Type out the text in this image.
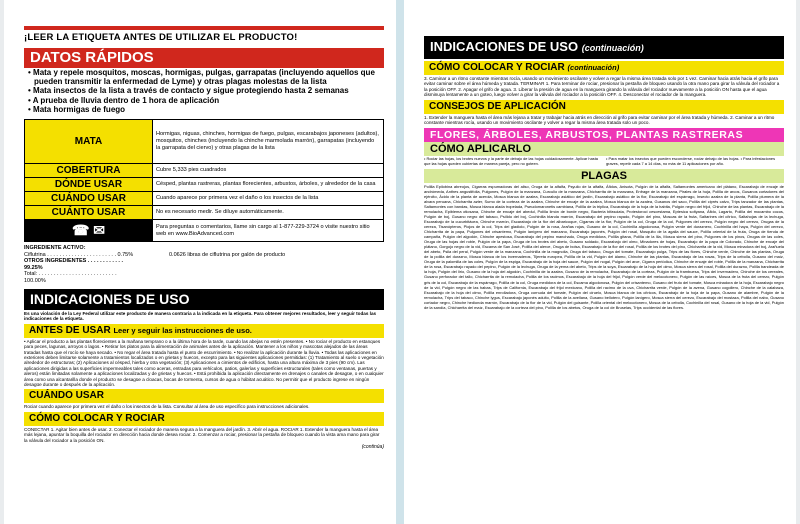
¡LEER LA ETIQUETA ANTES DE UTILIZAR EL PRODUCTO!
DATOS RÁPIDOS
• Mata y repele mosquitos, moscas, hormigas, pulgas, garrapatas (incluyendo aquellos que pueden transmitir la enfermedad de Lyme) y otras plagas molestas de la lista
• Mata insectos de la lista a través de contacto y sigue protegiendo hasta 2 semanas
• A prueba de lluvia dentro de 1 hora de aplicación
• Mata hormigas de fuego
MATA	Hormigas, niguas, chinches, hormigas de fuego, pulgas, escarabajos japoneses (adultos), mosquitos, chinches (incluyendo la chinche marmolada marrón), garrapatas (incluyendo la garrapata del ciervo) y otras plagas de la lista
COBERTURA	Cubre 5,333 pies cuadrados
DÓNDE USAR	Césped, plantas rastreras, plantas florecientes, arbustos, árboles, y alrededor de la casa
CUÁNDO USAR	Cuando aparece por primera vez el daño o los insectos de la lista
CUÁNTO USAR	No es necesario medir. Se diluye automáticamente.
☎ ✉	Para preguntas o comentarios, llame sin cargo al 1-877-229-3724 o visite nuestro sitio web en www.BioAdvanced.com
INGREDIENTE ACTIVO:
Ciflutrina . . . . . . . . . . . . . . . . . . . . . . . 0.75%
OTROS INGREDIENTES . . . . . . . . . . . . 99.25%
Total: . . . . . . . . . . . . . . . . . . . . . . . . . . 100.00%
0.0626 libras de ciflutrina por galón de producto
INDICACIONES DE USO
Es una violación de la Ley Federal utilizar este producto de manera contraria a la indicada en la etiqueta. Para obtener mejores resultados, leer y seguir todas las indicaciones de la etiqueta.
ANTES DE USAR Leer y seguir las instrucciones de uso.
• Aplicar el producto a las plantas florecientes a la mañana temprano o a la última hora de la tarde, cuando las abejas no estén presentes. • No rociar el producto en estanques para peces, lagunas, arroyos o lagos. • Retirar los platos para la alimentación de animales antes de la aplicación. Mantener a los niños y mascotas alejados de las áreas tratadas hasta que el rocío se haya secado. • No regar el área tratada hasta el punto de escurrimiento. • No realizar la aplicación durante la lluvia. • Todas las aplicaciones en exteriores deben limitarse solamente a tratamientos localizados o en grietas y huecos, excepto para las siguientes aplicaciones permitidas: (1) Tratamiento al suelo o vegetación alrededor de estructuras; (2) Aplicaciones al césped, hierba y otra vegetación; (3) Aplicaciones a cimientos de edificios, hasta una altura máxima de 3 pies (90 cm). Las aplicaciones dirigidas a las superficies impermeables tales como aceras, entradas para vehículos, patios, galerías y superficies estructurales (tales como ventanas, puertas y aleros) están limitadas solamente a aplicaciones localizadas y de grietas y huecos. • Está prohibida la aplicación directamente en drenajes o canales de desagüe, o en cualquier área como una alcantarilla donde el producto se desagüe a cloacas, bocas de tormenta, cursos de agua o hábitat acuático. No permitir que el producto ingrese en ningún desagüe durante o después de la aplicación.
CUÁNDO USAR
Rociar cuando aparece por primera vez el daño o los insectos de la lista. Consultar al área de uso específico para instrucciones adicionales.
CÓMO COLOCAR Y ROCIAR
CONECTAR 1. Agitar bien antes de usar. 2. Conectar el rociador de manera segura a la manguera del jardín. 3. Abrir el agua. ROCIAR 1. Extender la manguera hasta el área más lejana, apuntar la boquilla del rociador en dirección hacia donde desea rociar. 2. Comenzar a rociar, presionar la pestaña de bloqueo cuando la vista ama mano para girar la válvula del rociador a la posición ON.
(continúa)
INDICACIONES DE USO (continuación)
CÓMO COLOCAR Y ROCIAR (continuación)
3. Caminar a un ritmo constante mientras rocía, usando un movimiento oscilante y volver a regar la misma área tratada solo por 1 vez. Caminar hacia atrás hacia el grifo para evitar caminar sobre el área húmeda y tratada. TERMINAR 1. Para terminar de rociar, presionar la pestaña de bloqueo usando la otra mano para girar la válvula del rociador a la posición OFF. 2. Apagar el grifo de agua. 3. Liberar la presión de agua en la manguera girando la válvula del rociador nuevamente a la posición ON hasta que el agua disminuya lentamente a un goteo, luego volver a girar la válvula del rociador a la posición OFF. 4. Desconectar el rociador de la manguera.
CONSEJOS DE APLICACIÓN
1. Extender la manguera hasta el área más lejana a tratar y trabajar hacia atrás en dirección al grifo para evitar caminar por el área tratada y húmeda. 2. Caminar a un ritmo constante mientras rocía, usando un movimiento oscilante y volver a regar la misma área tratada solo un poco.
FLORES, ÁRBOLES, ARBUSTOS, PLANTAS RASTRERAS
CÓMO APLICARLO
• Rociar las hojas, los brotes nuevos y la parte de debajo de las hojas cuidadosamente. Aplicar hasta que las hojas queden cubiertas de manera pareja, pero no goteen.
• Para matar los insectos que pueden esconderse, rociar debajo de las hojas. • Para infestaciones graves, repetir cada 7 a 14 días, no más de 11 aplicaciones por año.
PLAGAS
Polilla Epilobina abreojos, Cigarras espumadoras del aliso, Oruga de la alfalfa, Psyuilo de la alfalfa, Áfidos, Anisota, Pulgón de la alfalfa, Saltamontes americano del plátano, Escarabajo de encaje de andrómeda, Anthes angustifolia, Pulgones, Pulgón de la manzana, Curculio de la manzana, Chicharrita de la manzana, Enfrage de la manzana, Pirales de la hoja, Polilla de arcos, Gusanos cortadores del ejército, Ácido de la planta de acerola, Mosca blanca de azalea, Escarabajo asiático del jardín, Escarabajo asiático de la flor, Escarabajo del espárrago, Insecto azalea de la planta, Polilla plumera de la alvara peruana, Chicharrita azter, Sumo de la corteza de la azalea, Chinche de encaje de la azalea, Mosca blanca de la azalea, Gusanos del saco, Polilla del ciprés calvo, Trips tanzador de las plantas, Saltamontes con bandas, Mosca blanca alada tropelada, Pseudomaronetis cambiana, Polilla de la triplica, Escarabajo de la hoja de la habita, Pulgón negro del frijol, Chinche de las plantas, Escarabajo de la remolacha, Epiblema otiosana, Chinche de encaje del abedul, Polilla limón de borde negro, Bacteria bifasciata, Protestoroci cescestama, Eptesica soltyana, Áfido, Lagarto, Polilla del mocambo cocos, Pulgón de boj, Gusano negro del tabaco, Psílido del boj, Cochinilla blanda marrón, Escarabajo del pepino rayado, Pulgón del pino, Moscas de la fruta, Saltarines del cítrico, Saltahojas de la lechuga, Escarabajo de la cucurbitácea, Chinche marrón, Escarabajo de la flor del albaricoque, Cigarras de la flor, Pulgón de la col, Oruga de la col, Pulgones del cerezo, Pulgón negro del cerezo, Orugas de la cereza, Tisanópteros, Piojos de la col, Trips del gladiolo, Pulgón de la rosa, Arañas rojas, Gusano de la col, Cochinilla algodonosa, Pulgón verde del duraznero, Cochinilla del haya, Pulgón del cerezo, Chicharrita de la papa, Pulgones del crisantemo, Pulgón lanígero del manzano, Escarabajo japonés, Pulgón del rosal, Mosquito de la agalla del sauce, Polilla oriental de la fruta, Oruga de tienda de campaña, Pulgón del algodón, Chinche apestosa, Escarabajo del pepino manchado, Oruga medidora, Polilla gitana, Polilla de la lila, Mosca sierra del pino, Pulgones de los pinos, Orugas de las coles, Oruga de las hojas del roble, Pulgón de la papa, Oruga de los brotes del abeto, Gusano soldado, Escarabajo del olmo, Minadores de hojas, Escarabajo de la papa de Colorado, Chinche de encaje del plátano, Gorgojo negro de la vid, Escama de San José, Polilla del alerce, Oruga de bolsa, Escarabajo de la flor del rosal, Polilla de los brotes del pino, Chicharrita de la vid, Mosca minadora del boj, Arañuela del abeto, Psila del peral, Pulgón verde de la manzana, Cochinilla de la magnolia, Oruga del tabaco, Oruga del tomate, Escarabajo pulga, Trips de las flores, Chinche verde, Chinche de las plantas, Oruga de la polilla del durazno, Mosca blanca de los invernaderos, Tijereta europea, Polilla de la vid, Pulgón del álamo, Chinche de las plantas, Escarabajo de las rosas, Trips de la cebolla, Gusano del maíz, Oruga de la palomilla de las coles, Pulgón de la espiga, Escarabajo de la hoja del sauce, Pulgón del nogal, Pulgón del arce, Cigarra periódica, Chinche de encaje del roble, Polilla de la manzana, Chicharrita de la rosa, Escarabajo rayado del pepino, Pulgón de la lechuga, Oruga de la yema del abeto, Trips de la soya, Escarabajo de la hoja del olmo, Mosca sierra del rosal, Polilla del durazno, Polilla bandeada de la hoja, Pulgón del lirio, Gusano de la hoja del algodón, Cochinilla de la azalea, Gusano de la remolacha, Escarabajo de la corteza, Pulgón de la frambuesa, Trips del invernadero, Chinche de los cereales, Gusano perforador del tallo, Chicharrita de la remolacha, Polilla de los racimos, Escarabajo de la hoja del frijol, Pulgón verde del melocotonero, Pulgón de las raíces, Mosca de la fruta del cerezo, Pulgón gris de la col, Escarabajo de la espárrago, Polilla de la col, Oruga medidora de la col, Escama algodonosa, Pulgón del crisantemo, Gusano del fruto del tomate, Mosca minadora de la hoja, Escarabajo negro de la vid, Pulgón negro de las habas, Trips de California, Escarabajo del frijol mexicano, Polilla del racimo de la uva, Chicharrita verde, Pulgón de la avena, Gusano cogollero, Chinche de la calabaza, Escarabajo de la hoja del olmo, Polilla enrolladora, Oruga cornuda del tomate, Pulgón del ciruelo, Mosca blanca de los cítricos, Escarabajo de la hoja de la papa, Gusano de alambre, Pulgón de la remolacha, Trips del tabaco, Chinche lygus, Escarabajo japonés adulto, Polilla de la avellana, Gusano bellotero, Pulgón lanígero, Mosca sierra del cerezo, Escarabajo del mostaza, Polilla del nabo, Gusano cortador negro, Chinche hedionda marrón, Escarabajo de la flor de la vid, Pulgón del guisante, Polilla oriental del melocotonero, Mosca de la cebolla, Cochinilla del rosal, Gusano de la hoja de la vid, Pulgón de la sandía, Chicharrita del maíz, Escarabajo de la corteza del pino, Polilla de los abetos, Oruga de la col de Bruselas, Trips occidental de las flores.
